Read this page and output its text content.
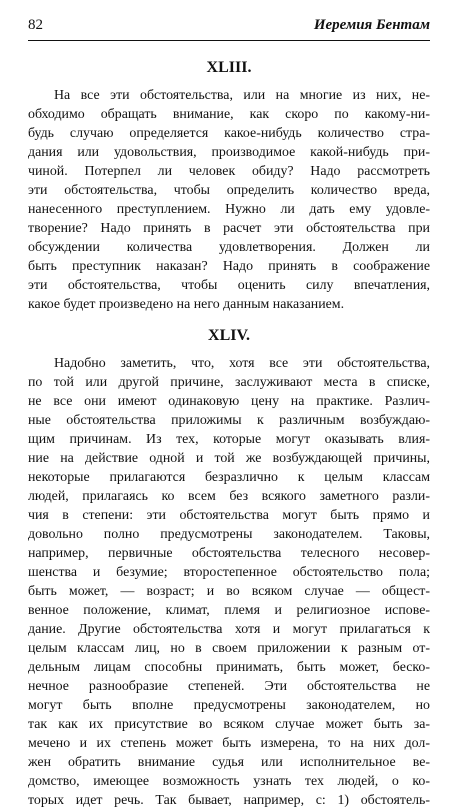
82	Иеремия Бентам
XLIII.
На все эти обстоятельства, или на многие из них, не-
обходимо обращать внимание, как скоро по какому-ни-
будь случаю определяется какое-нибудь количество стра-
дания или удовольствия, производимое какой-нибудь при-
чиной. Потерпел ли человек обиду? Надо рассмотреть
эти обстоятельства, чтобы определить количество вреда,
нанесенного преступлением. Нужно ли дать ему удовле-
творение? Надо принять в расчет эти обстоятельства при
обсуждении количества удовлетворения. Должен ли
быть преступник наказан? Надо принять в соображение
эти обстоятельства, чтобы оценить силу впечатления,
какое будет произведено на него данным наказанием.
XLIV.
Надобно заметить, что, хотя все эти обстоятельства,
по той или другой причине, заслуживают места в списке,
не все они имеют одинаковую цену на практике. Различ-
ные обстоятельства приложимы к различным возбуждаю-
щим причинам. Из тех, которые могут оказывать влия-
ние на действие одной и той же возбуждающей причины,
некоторые прилагаются безразлично к целым классам
людей, прилагаясь ко всем без всякого заметного разли-
чия в степени: эти обстоятельства могут быть прямо и
довольно полно предусмотрены законодателем. Таковы,
например, первичные обстоятельства телесного несовер-
шенства и безумие; второстепенное обстоятельство пола;
быть может, — возраст; и во всяком случае — общест-
венное положение, климат, племя и религиозное испове-
дание. Другие обстоятельства хотя и могут прилагаться к
целым классам лиц, но в своем приложении к разным от-
дельным лицам способны принимать, быть может, беско-
нечное разнообразие степеней. Эти обстоятельства не
могут быть вполне предусмотрены законодателем, но
так как их присутствие во всяком случае может быть за-
мечено и их степень может быть измерена, то на них дол-
жен обратить внимание судья или исполнительное ве-
домство, имеющее возможность узнать тех людей, о ко-
торых идет речь. Так бывает, например, с: 1) обстоятель-
